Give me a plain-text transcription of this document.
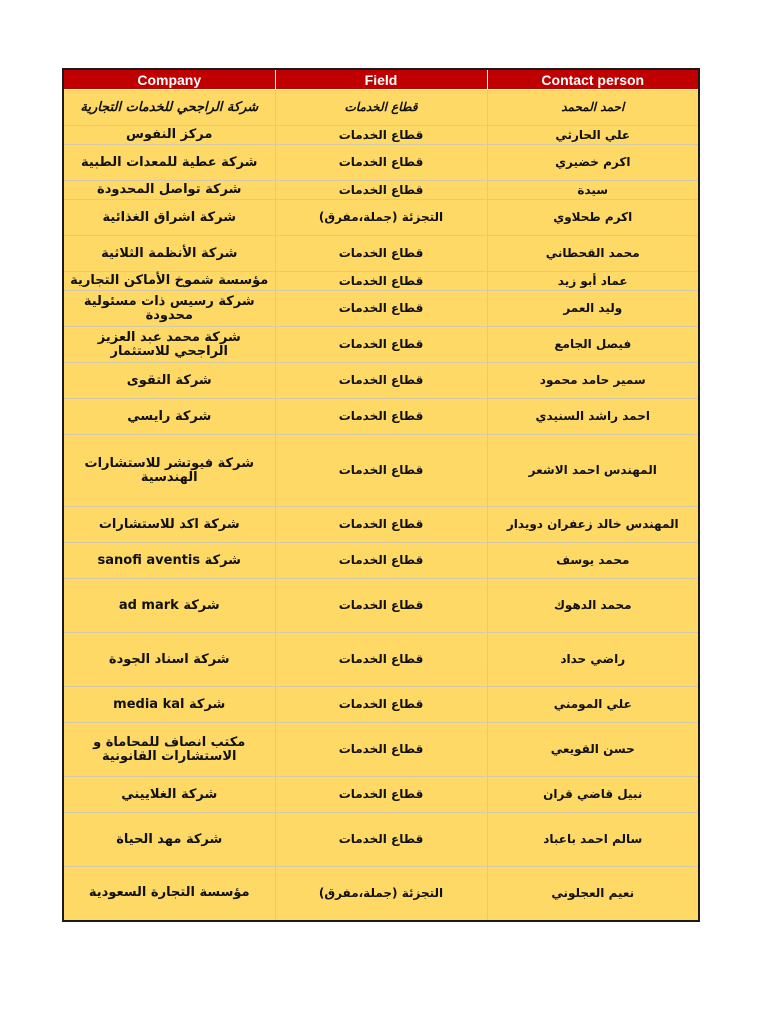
Company	Field	Contact person

شركة الراجحي للخدمات التجارية	قطاع الخدمات	احمد المحمد

مركز النفوس	قطاع الخدمات	علي الحارثي

شركة عطية للمعدات الطبية	قطاع الخدمات	اكرم خضيري

شركة تواصل المحدودة	قطاع الخدمات	سيدة

شركة اشراق الغذائية	التجزئة (جملة،مفرق)	اكرم طحلاوي

شركة الأنظمة الثلاثية	قطاع الخدمات	محمد القحطاني

مؤسسة شموخ الأماكن التجارية	قطاع الخدمات	عماد أبو زيد

شركة رسيس ذات مسئولية محدودة	قطاع الخدمات	وليد العمر

شركة محمد عبد العزيز الراجحي للاستثمار	قطاع الخدمات	فيصل الجامع

شركة التقوى	قطاع الخدمات	سمير حامد محمود

شركة رايسي	قطاع الخدمات	احمد راشد السنيدي

شركة فيوتشر للاستشارات الهندسية	قطاع الخدمات	المهندس احمد الاشعر

شركة اكد للاستشارات	قطاع الخدمات	المهندس خالد زعفران دويدار

شركة sanofi aventis	قطاع الخدمات	محمد يوسف

شركة ad mark	قطاع الخدمات	محمد الدهوك

شركة اسناد الجودة	قطاع الخدمات	راضي حداد

شركة media kal	قطاع الخدمات	علي المومني

مكتب انصاف للمحاماة و الاستشارات القانونية	قطاع الخدمات	حسن القويعي

شركة الغلاييني	قطاع الخدمات	نبيل قاضي قران

شركة مهد الحياة	قطاع الخدمات	سالم احمد باعباد

مؤسسة التجارة السعودية	التجزئة (جملة،مفرق)	نعيم العجلوني
